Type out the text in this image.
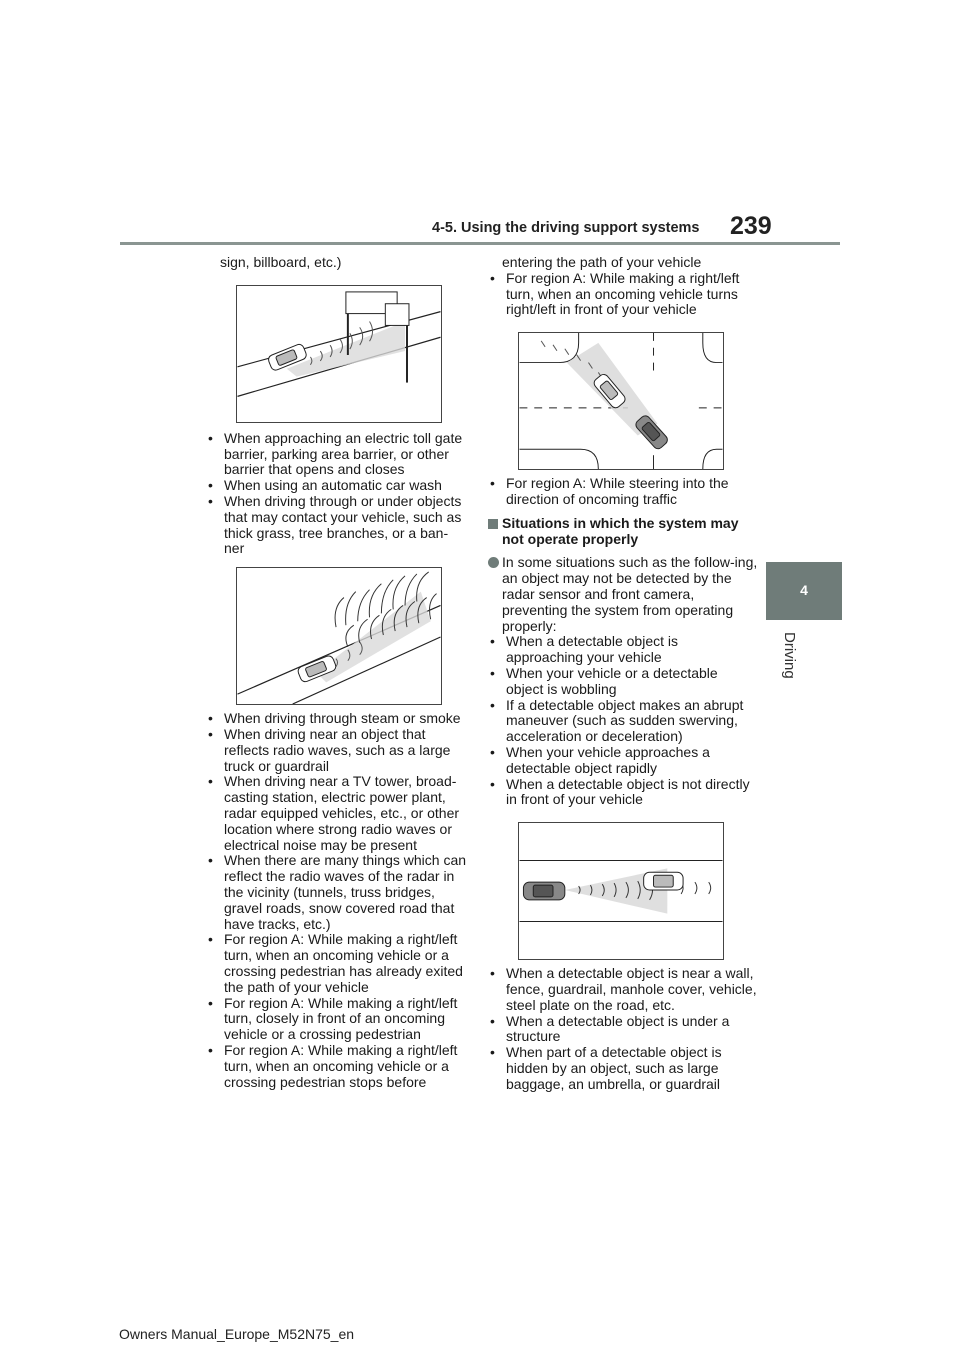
4-5. Using the driving support systems 239
4
Driving

sign, billboard, etc.)

• When approaching an electric toll gate barrier, parking area barrier, or other barrier that opens and closes

• When using an automatic car wash

• When driving through or under objects that may contact your vehicle, such as thick grass, tree branches, or a ban-ner

• When driving through steam or smoke

• When driving near an object that reflects radio waves, such as a large truck or guardrail

• When driving near a TV tower, broad-casting station, electric power plant, radar equipped vehicles, etc., or other location where strong radio waves or electrical noise may be present

• When there are many things which can reflect the radio waves of the radar in the vicinity (tunnels, truss bridges, gravel roads, snow covered road that have tracks, etc.)

• For region A: While making a right/left turn, when an oncoming vehicle or a crossing pedestrian has already exited the path of your vehicle

• For region A: While making a right/left turn, closely in front of an oncoming vehicle or a crossing pedestrian

• For region A: While making a right/left turn, when an oncoming vehicle or a crossing pedestrian stops before

entering the path of your vehicle

• For region A: While making a right/left turn, when an oncoming vehicle turns right/left in front of your vehicle

• For region A: While steering into the direction of oncoming traffic

Situations in which the system may not operate properly

In some situations such as the follow-ing, an object may not be detected by the radar sensor and front camera, preventing the system from operating properly:

• When a detectable object is approaching your vehicle

• When your vehicle or a detectable object is wobbling

• If a detectable object makes an abrupt maneuver (such as sudden swerving, acceleration or deceleration)

• When your vehicle approaches a detectable object rapidly

• When a detectable object is not directly in front of your vehicle

• When a detectable object is near a wall, fence, guardrail, manhole cover, vehicle, steel plate on the road, etc.

• When a detectable object is under a structure

• When part of a detectable object is hidden by an object, such as large baggage, an umbrella, or guardrail

Owners Manual_Europe_M52N75_en
